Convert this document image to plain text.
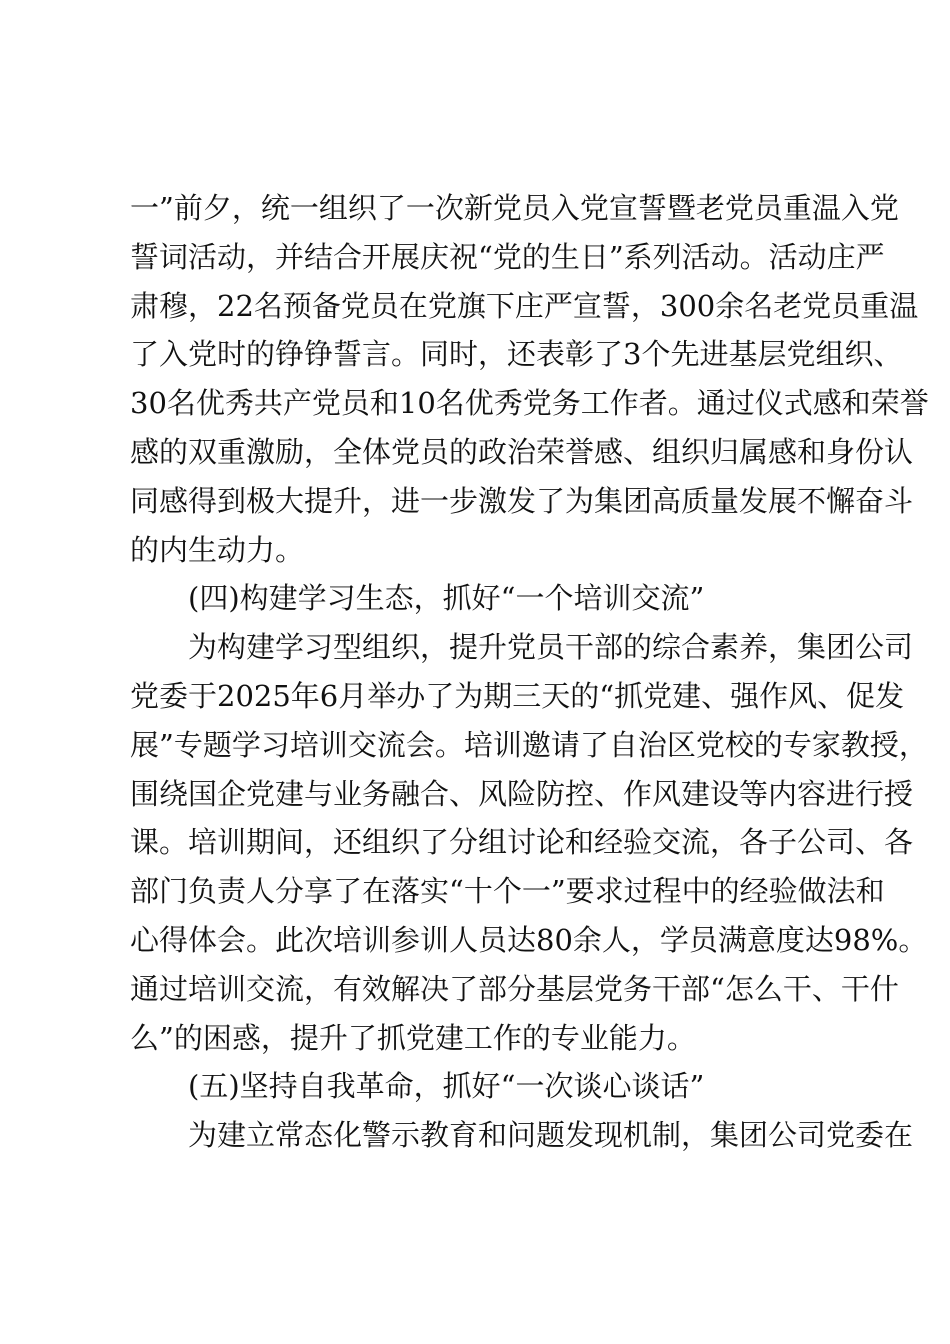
一”前夕，统一组织了一次新党员入党宣誓暨老党员重温入党
誓词活动，并结合开展庆祝“党的生日”系列活动。活动庄严
肃穆，22名预备党员在党旗下庄严宣誓，300余名老党员重温
了入党时的铮铮誓言。同时，还表彰了3个先进基层党组织、
30名优秀共产党员和10名优秀党务工作者。通过仪式感和荣誉
感的双重激励，全体党员的政治荣誉感、组织归属感和身份认
同感得到极大提升，进一步激发了为集团高质量发展不懈奋斗
的内生动力。
(四)构建学习生态，抓好“一个培训交流”
为构建学习型组织，提升党员干部的综合素养，集团公司
党委于2025年6月举办了为期三天的“抓党建、强作风、促发
展”专题学习培训交流会。培训邀请了自治区党校的专家教授，
围绕国企党建与业务融合、风险防控、作风建设等内容进行授
课。培训期间，还组织了分组讨论和经验交流，各子公司、各
部门负责人分享了在落实“十个一”要求过程中的经验做法和
心得体会。此次培训参训人员达80余人，学员满意度达98%。
通过培训交流，有效解决了部分基层党务干部“怎么干、干什
么”的困惑，提升了抓党建工作的专业能力。
(五)坚持自我革命，抓好“一次谈心谈话”
为建立常态化警示教育和问题发现机制，集团公司党委在
